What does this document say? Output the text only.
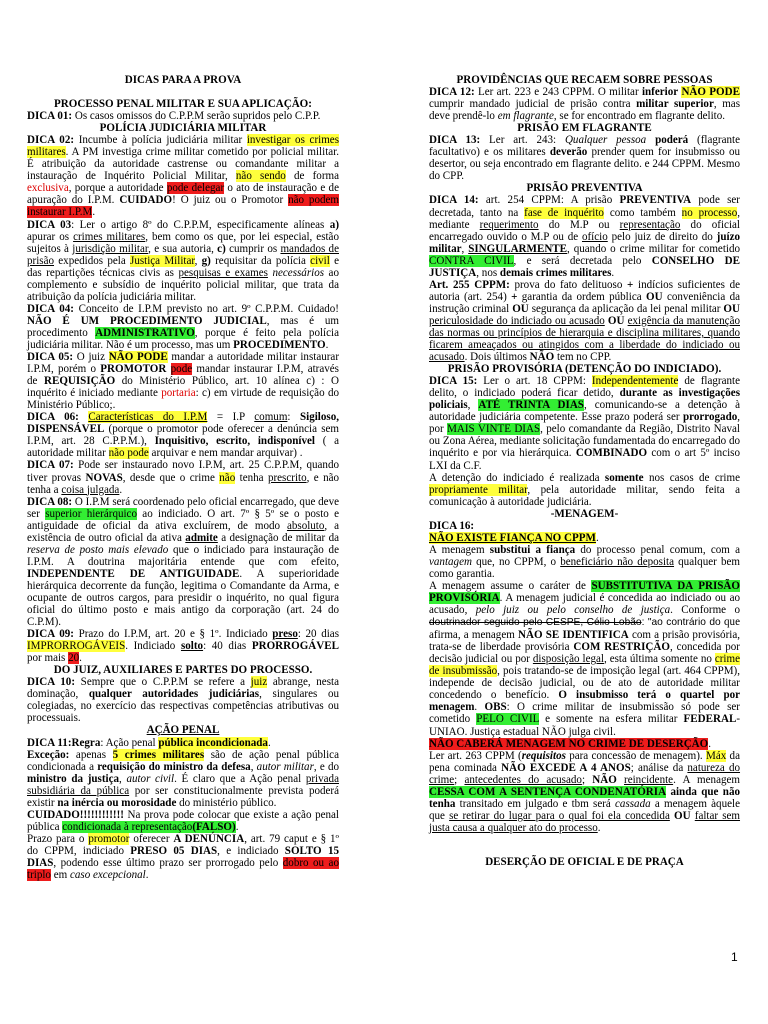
DICAS PARA A PROVA

PROCESSO PENAL MILITAR E SUA APLICAÇÃO:

DICA 01: Os casos omissos do C.P.P.M serão supridos pelo C.P.P.

POLÍCIA JUDICIÁRIA MILITAR

DICA 02: Incumbe à polícia judiciária militar investigar os crimes militares. A PM investiga crime militar cometido por policial militar. É atribuição da autoridade castrense ou comandante militar a instauração de Inquérito Policial Militar, não sendo de forma exclusiva, porque a autoridade pode delegar o ato de instauração e de apuração do I.P.M. CUIDADO! O juiz ou o Promotor não podem instaurar I.P.M.

DICA 03: Ler o artigo 8º do C.P.P.M, especificamente alíneas a) apurar os crimes militares, bem como os que, por lei especial, estão sujeitos à jurisdição militar, e sua autoria, c) cumprir os mandados de prisão expedidos pela Justiça Militar, g) requisitar da polícia civil e das repartições técnicas civis as pesquisas e exames necessários ao complemento e subsídio de inquérito policial militar, que trata da atribuição da polícia judiciária militar.

DICA 04: Conceito de I.P.M previsto no art. 9º C.P.P.M. Cuidado! NÃO É UM PROCEDIMENTO JUDICIAL, mas é um procedimento ADMINISTRATIVO, porque é feito pela polícia judiciária militar. Não é um processo, mas um PROCEDIMENTO.

DICA 05: O juiz NÃO PODE mandar a autoridade militar instaurar I.P.M, porém o PROMOTOR pode mandar instaurar I.P.M, através de REQUISIÇÃO do Ministério Público, art. 10 alínea c) : O inquérito é iniciado mediante portaria: c) em virtude de requisição do Ministério Público;.

DICA 06: Características do I.P.M = I.P comum: Sigiloso, DISPENSÁVEL (porque o promotor pode oferecer a denúncia sem I.P.M, art. 28 C.P.P.M.), Inquisitivo, escrito, indisponível ( a autoridade militar não pode arquivar e nem mandar arquivar) .

DICA 07: Pode ser instaurado novo I.P.M, art. 25 C.P.P.M, quando tiver provas NOVAS, desde que o crime não tenha prescrito, e não tenha a coisa julgada.

DICA 08: O I.P.M será coordenado pelo oficial encarregado, que deve ser superior hierárquico ao indiciado. O art. 7º § 5º se o posto e antiguidade de oficial da ativa excluírem, de modo absoluto, a existência de outro oficial da ativa admite a designação de militar da reserva de posto mais elevado que o indiciado para instauração de I.P.M. A doutrina majoritária entende que com efeito, INDEPENDENTE DE ANTIGUIDADE. A superioridade hierárquica decorrente da função, legitima o Comandante da Arma, e ocupante de outros cargos, para presidir o inquérito, no qual figura oficial do último posto e mais antigo da corporação (art. 24 do C.P.M).

DICA 09: Prazo do I.P.M, art. 20 e § 1º. Indiciado preso: 20 dias IMPRORROGÁVEIS. Indiciado solto: 40 dias PRORROGÁVEL por mais 20.

DO JUIZ, AUXILIARES E PARTES DO PROCESSO.

DICA 10: Sempre que o C.P.P.M se refere a juiz abrange, nesta dominação, qualquer autoridades judiciárias, singulares ou colegiadas, no exercício das respectivas competências atributivas ou processuais.

AÇÃO PENAL

DICA 11:Regra: Ação penal pública incondicionada.

Exceção: apenas 5 crimes militares são de ação penal pública condicionada a requisição do ministro da defesa, autor militar, e do ministro da justiça, autor civil. É claro que a Ação penal privada subsidiária da pública por ser constitucionalmente prevista poderá existir na inércia ou morosidade do ministério público.

CUIDADO!!!!!!!!!!!! Na prova pode colocar que existe a ação penal pública condicionada à representação(FALSO).

Prazo para o promotor oferecer A DENÚNCIA, art. 79 caput e § 1º do CPPM, indiciado PRESO 05 DIAS, e indiciado SOLTO 15 DIAS, podendo esse último prazo ser prorrogado pelo dobro ou ao triplo em caso excepcional.

PROVIDÊNCIAS QUE RECAEM SOBRE PESSOAS

DICA 12: Ler art. 223 e 243 CPPM. O militar inferior NÃO PODE cumprir mandado judicial de prisão contra militar superior, mas deve prendê-lo em flagrante, se for encontrado em flagrante delito.

PRISÃO EM FLAGRANTE

DICA 13: Ler art. 243: Qualquer pessoa poderá (flagrante facultativo) e os militares deverão prender quem for insubmisso ou desertor, ou seja encontrado em flagrante delito. e 244 CPPM. Mesmo do CPP.

PRISÃO PREVENTIVA

DICA 14: art. 254 CPPM: A prisão PREVENTIVA pode ser decretada, tanto na fase de inquérito como também no processo, mediante requerimento do M.P ou representação do oficial encarregado ouvido o M.P ou de ofício pelo juiz de direito do juízo militar, SINGULARMENTE, quando o crime militar for cometido CONTRA CIVIL, e será decretada pelo CONSELHO DE JUSTIÇA, nos demais crimes militares.

Art. 255 CPPM: prova do fato delituoso + indícios suficientes de autoria (art. 254) + garantia da ordem pública OU conveniência da instrução criminal OU segurança da aplicação da lei penal militar OU periculosidade do indiciado ou acusado OU exigência da manutenção das normas ou princípios de hierarquia e disciplina militares, quando ficarem ameaçados ou atingidos com a liberdade do indiciado ou acusado. Dois últimos NÃO tem no CPP.

PRISÃO PROVISÓRIA (DETENÇÃO DO INDICIADO).

DICA 15: Ler o art. 18 CPPM: Independentemente de flagrante delito, o indiciado poderá ficar detido, durante as investigações policiais, ATÉ TRINTA DIAS, comunicando-se a detenção à autoridade judiciária competente. Esse prazo poderá ser prorrogado, por MAIS VINTE DIAS, pelo comandante da Região, Distrito Naval ou Zona Aérea, mediante solicitação fundamentada do encarregado do inquérito e por via hierárquica. COMBINADO com o art 5º inciso LXI da C.F.

A detenção do indiciado é realizada somente nos casos de crime propriamente militar, pela autoridade militar, sendo feita a comunicação à autoridade judiciária.

-MENAGEM-

DICA 16:

NÃO EXISTE FIANÇA NO CPPM.

A menagem substitui a fiança do processo penal comum, com a vantagem que, no CPPM, o beneficiário não deposita qualquer bem como garantia.

A menagem assume o caráter de SUBSTITUTIVA DA PRISÃO PROVISÓRIA. A menagem judicial é concedida ao indiciado ou ao acusado, pelo juiz ou pelo conselho de justiça. Conforme o doutrinador seguido pelo CESPE, Célio Lobão: "ao contrário do que afirma, a menagem NÃO SE IDENTIFICA com a prisão provisória, trata-se de liberdade provisória COM RESTRIÇÃO, concedida por decisão judicial ou por disposição legal, esta última somente no crime de insubmissão, pois tratando-se de imposição legal (art. 464 CPPM), independe de decisão judicial, ou de ato de autoridade militar concedendo o benefício. O insubmisso terá o quartel por menagem. OBS: O crime militar de insubmissão só pode ser cometido PELO CIVIL e somente na esfera militar FEDERAL- UNIAO. Justiça estadual NÃO julga civil.

NÃO CABERÁ MENAGEM NO CRIME DE DESERÇÃO.

Ler art. 263 CPPM (requisitos para concessão de menagem). Máx da pena cominada NÃO EXCEDE A 4 ANOS; análise da natureza do crime; antecedentes do acusado; NÃO reincidente. A menagem CESSA COM A SENTENÇA CONDENATÓRIA ainda que não tenha transitado em julgado e tbm será cassada a menagem àquele que se retirar do lugar para o qual foi ela concedida OU faltar sem justa causa a qualquer ato do processo.

DESERÇÃO DE OFICIAL E DE PRAÇA

1
